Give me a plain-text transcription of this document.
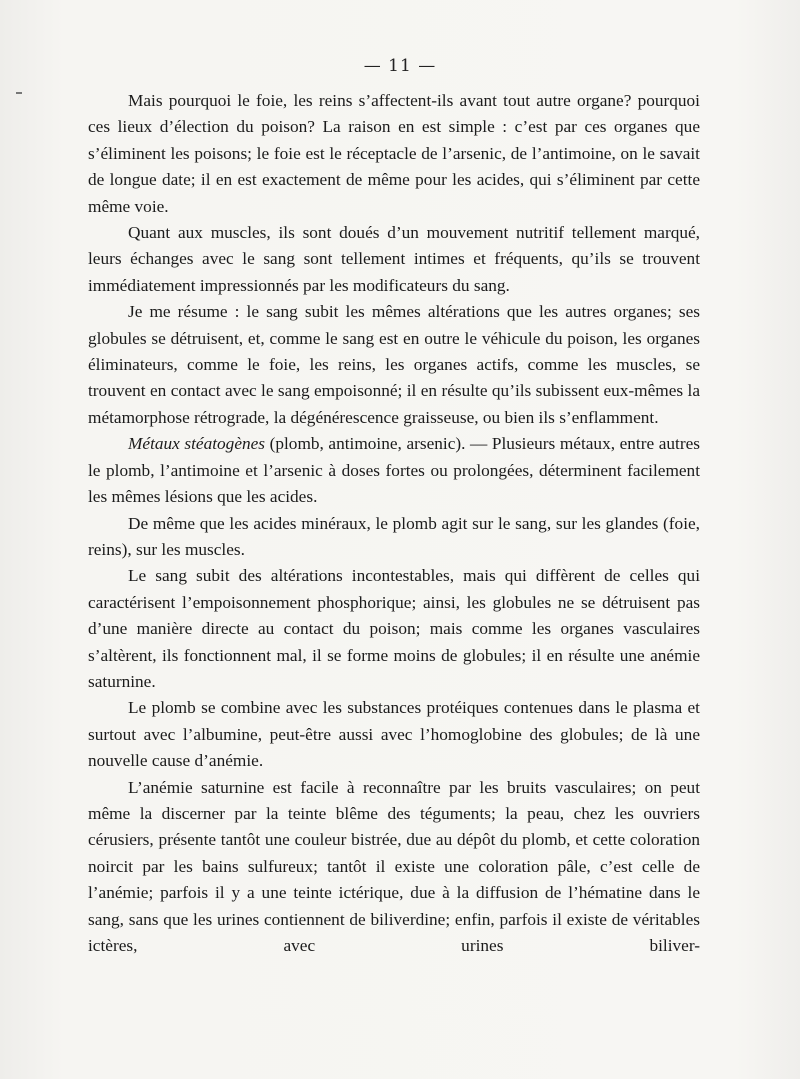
— 11 —

Mais pourquoi le foie, les reins s’affectent-ils avant tout autre organe? pourquoi ces lieux d’élection du poison? La raison en est simple : c’est par ces organes que s’éliminent les poisons; le foie est le réceptacle de l’arsenic, de l’antimoine, on le savait de longue date; il en est exactement de même pour les acides, qui s’éliminent par cette même voie.

Quant aux muscles, ils sont doués d’un mouvement nutritif tellement marqué, leurs échanges avec le sang sont tellement intimes et fréquents, qu’ils se trouvent immédiatement impressionnés par les modificateurs du sang.

Je me résume : le sang subit les mêmes altérations que les autres organes; ses globules se détruisent, et, comme le sang est en outre le véhicule du poison, les organes éliminateurs, comme le foie, les reins, les organes actifs, comme les muscles, se trouvent en contact avec le sang empoisonné; il en résulte qu’ils subissent eux-mêmes la métamorphose rétrograde, la dégénérescence graisseuse, ou bien ils s’enflamment.

Métaux stéatogènes (plomb, antimoine, arsenic). — Plusieurs métaux, entre autres le plomb, l’antimoine et l’arsenic à doses fortes ou prolongées, déterminent facilement les mêmes lésions que les acides.

De même que les acides minéraux, le plomb agit sur le sang, sur les glandes (foie, reins), sur les muscles.

Le sang subit des altérations incontestables, mais qui diffèrent de celles qui caractérisent l’empoisonnement phosphorique; ainsi, les globules ne se détruisent pas d’une manière directe au contact du poison; mais comme les organes vasculaires s’altèrent, ils fonctionnent mal, il se forme moins de globules; il en résulte une anémie saturnine.

Le plomb se combine avec les substances protéiques contenues dans le plasma et surtout avec l’albumine, peut-être aussi avec l’homoglobine des globules; de là une nouvelle cause d’anémie.

L’anémie saturnine est facile à reconnaître par les bruits vasculaires; on peut même la discerner par la teinte blême des téguments; la peau, chez les ouvriers cérusiers, présente tantôt une couleur bistrée, due au dépôt du plomb, et cette coloration noircit par les bains sulfureux; tantôt il existe une coloration pâle, c’est celle de l’anémie; parfois il y a une teinte ictérique, due à la diffusion de l’hématine dans le sang, sans que les urines contiennent de biliverdine; enfin, parfois il existe de véritables ictères, avec urines biliver-
